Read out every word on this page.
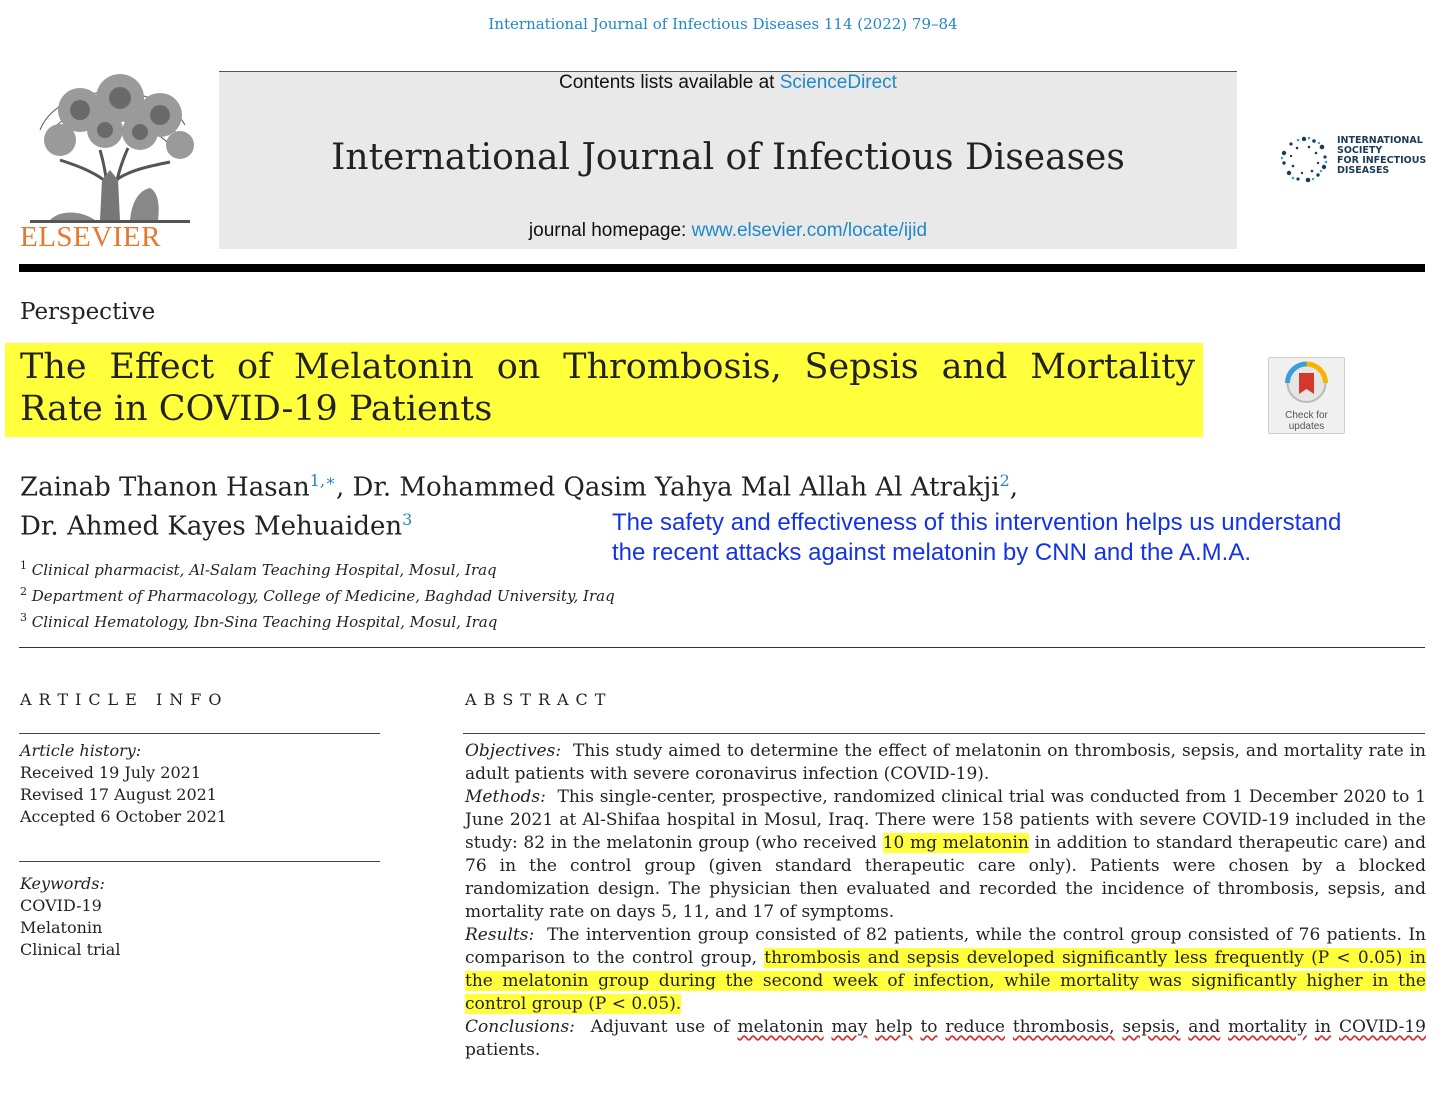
International Journal of Infectious Diseases 114 (2022) 79–84
Contents lists available at ScienceDirect
International Journal of Infectious Diseases
journal homepage: www.elsevier.com/locate/ijid
ELSEVIER
INTERNATIONAL
SOCIETY
FOR INFECTIOUS
DISEASES
Perspective
The Effect of Melatonin on Thrombosis, Sepsis and Mortality Rate in COVID-19 Patients	Check for
updates
Zainab Thanon Hasan$^{1,∗}$, Dr. Mohammed Qasim Yahya Mal Allah Al Atrakji$^2$,
Dr. Ahmed Kayes Mehuaiden$^3$	The safety and effectiveness of this intervention helps us understand
the recent attacks against melatonin by CNN and the A.M.A.
$^1$ Clinical pharmacist, Al-Salam Teaching Hospital, Mosul, Iraq
$^2$ Department of Pharmacology, College of Medicine, Baghdad University, Iraq
$^3$ Clinical Hematology, Ibn-Sina Teaching Hospital, Mosul, Iraq
ARTICLE INFO
Article history:
Received 19 July 2021
Revised 17 August 2021
Accepted 6 October 2021
Keywords:
COVID-19
Melatonin
Clinical trial
ABSTRACT
Objectives: This study aimed to determine the effect of melatonin on thrombosis, sepsis, and mortality rate in adult patients with severe coronavirus infection (COVID-19).
Methods: This single-center, prospective, randomized clinical trial was conducted from 1 December 2020 to 1 June 2021 at Al-Shifaa hospital in Mosul, Iraq. There were 158 patients with severe COVID-19 included in the study: 82 in the melatonin group (who received 10 mg melatonin in addition to standard therapeutic care) and 76 in the control group (given standard therapeutic care only). Patients were chosen by a blocked randomization design. The physician then evaluated and recorded the incidence of thrombosis, sepsis, and mortality rate on days 5, 11, and 17 of symptoms.
Results: The intervention group consisted of 82 patients, while the control group consisted of 76 patients. In comparison to the control group, thrombosis and sepsis developed significantly less frequently (P < 0.05) in the melatonin group during the second week of infection, while mortality was significantly higher in the control group (P < 0.05).
Conclusions: Adjuvant use of melatonin may help to reduce thrombosis, sepsis, and mortality in COVID-19 patients.
